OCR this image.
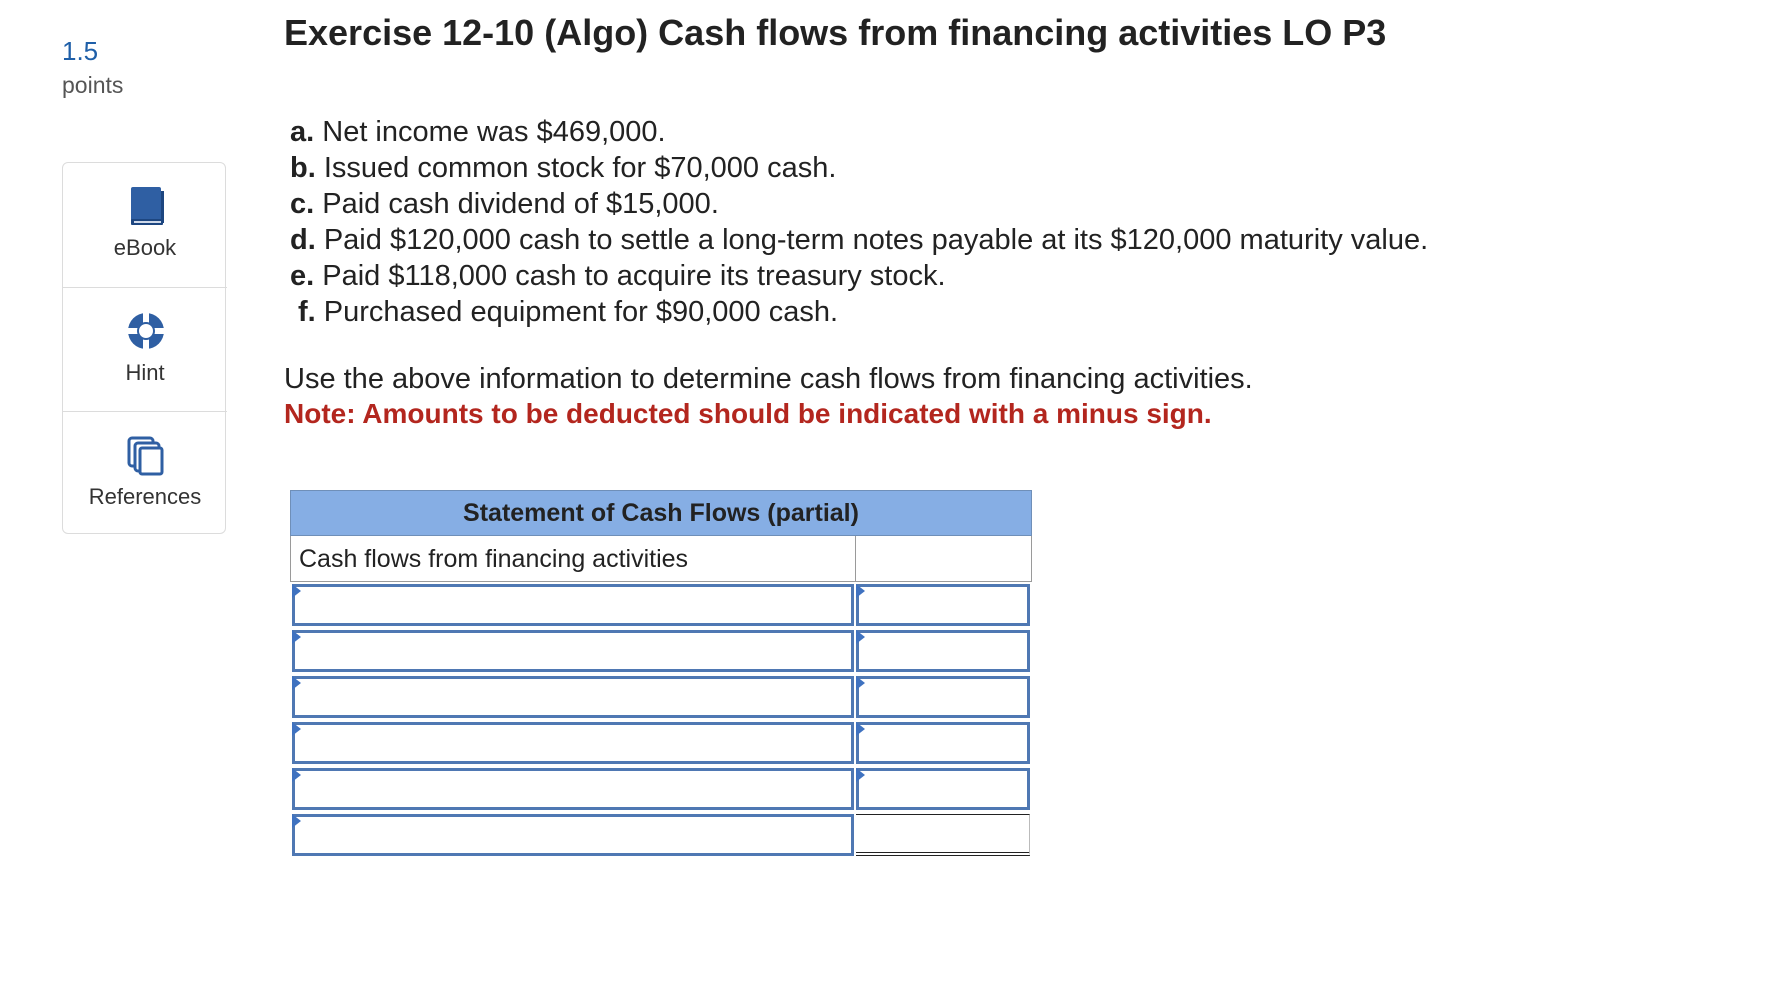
1.5
points
eBook
Hint
References
Exercise 12-10 (Algo) Cash flows from financing activities LO P3
a. Net income was $469,000.
b. Issued common stock for $70,000 cash.
c. Paid cash dividend of $15,000.
d. Paid $120,000 cash to settle a long-term notes payable at its $120,000 maturity value.
e. Paid $118,000 cash to acquire its treasury stock.
f. Purchased equipment for $90,000 cash.
Use the above information to determine cash flows from financing activities.
Note: Amounts to be deducted should be indicated with a minus sign.
Statement of Cash Flows (partial)
Cash flows from financing activities
